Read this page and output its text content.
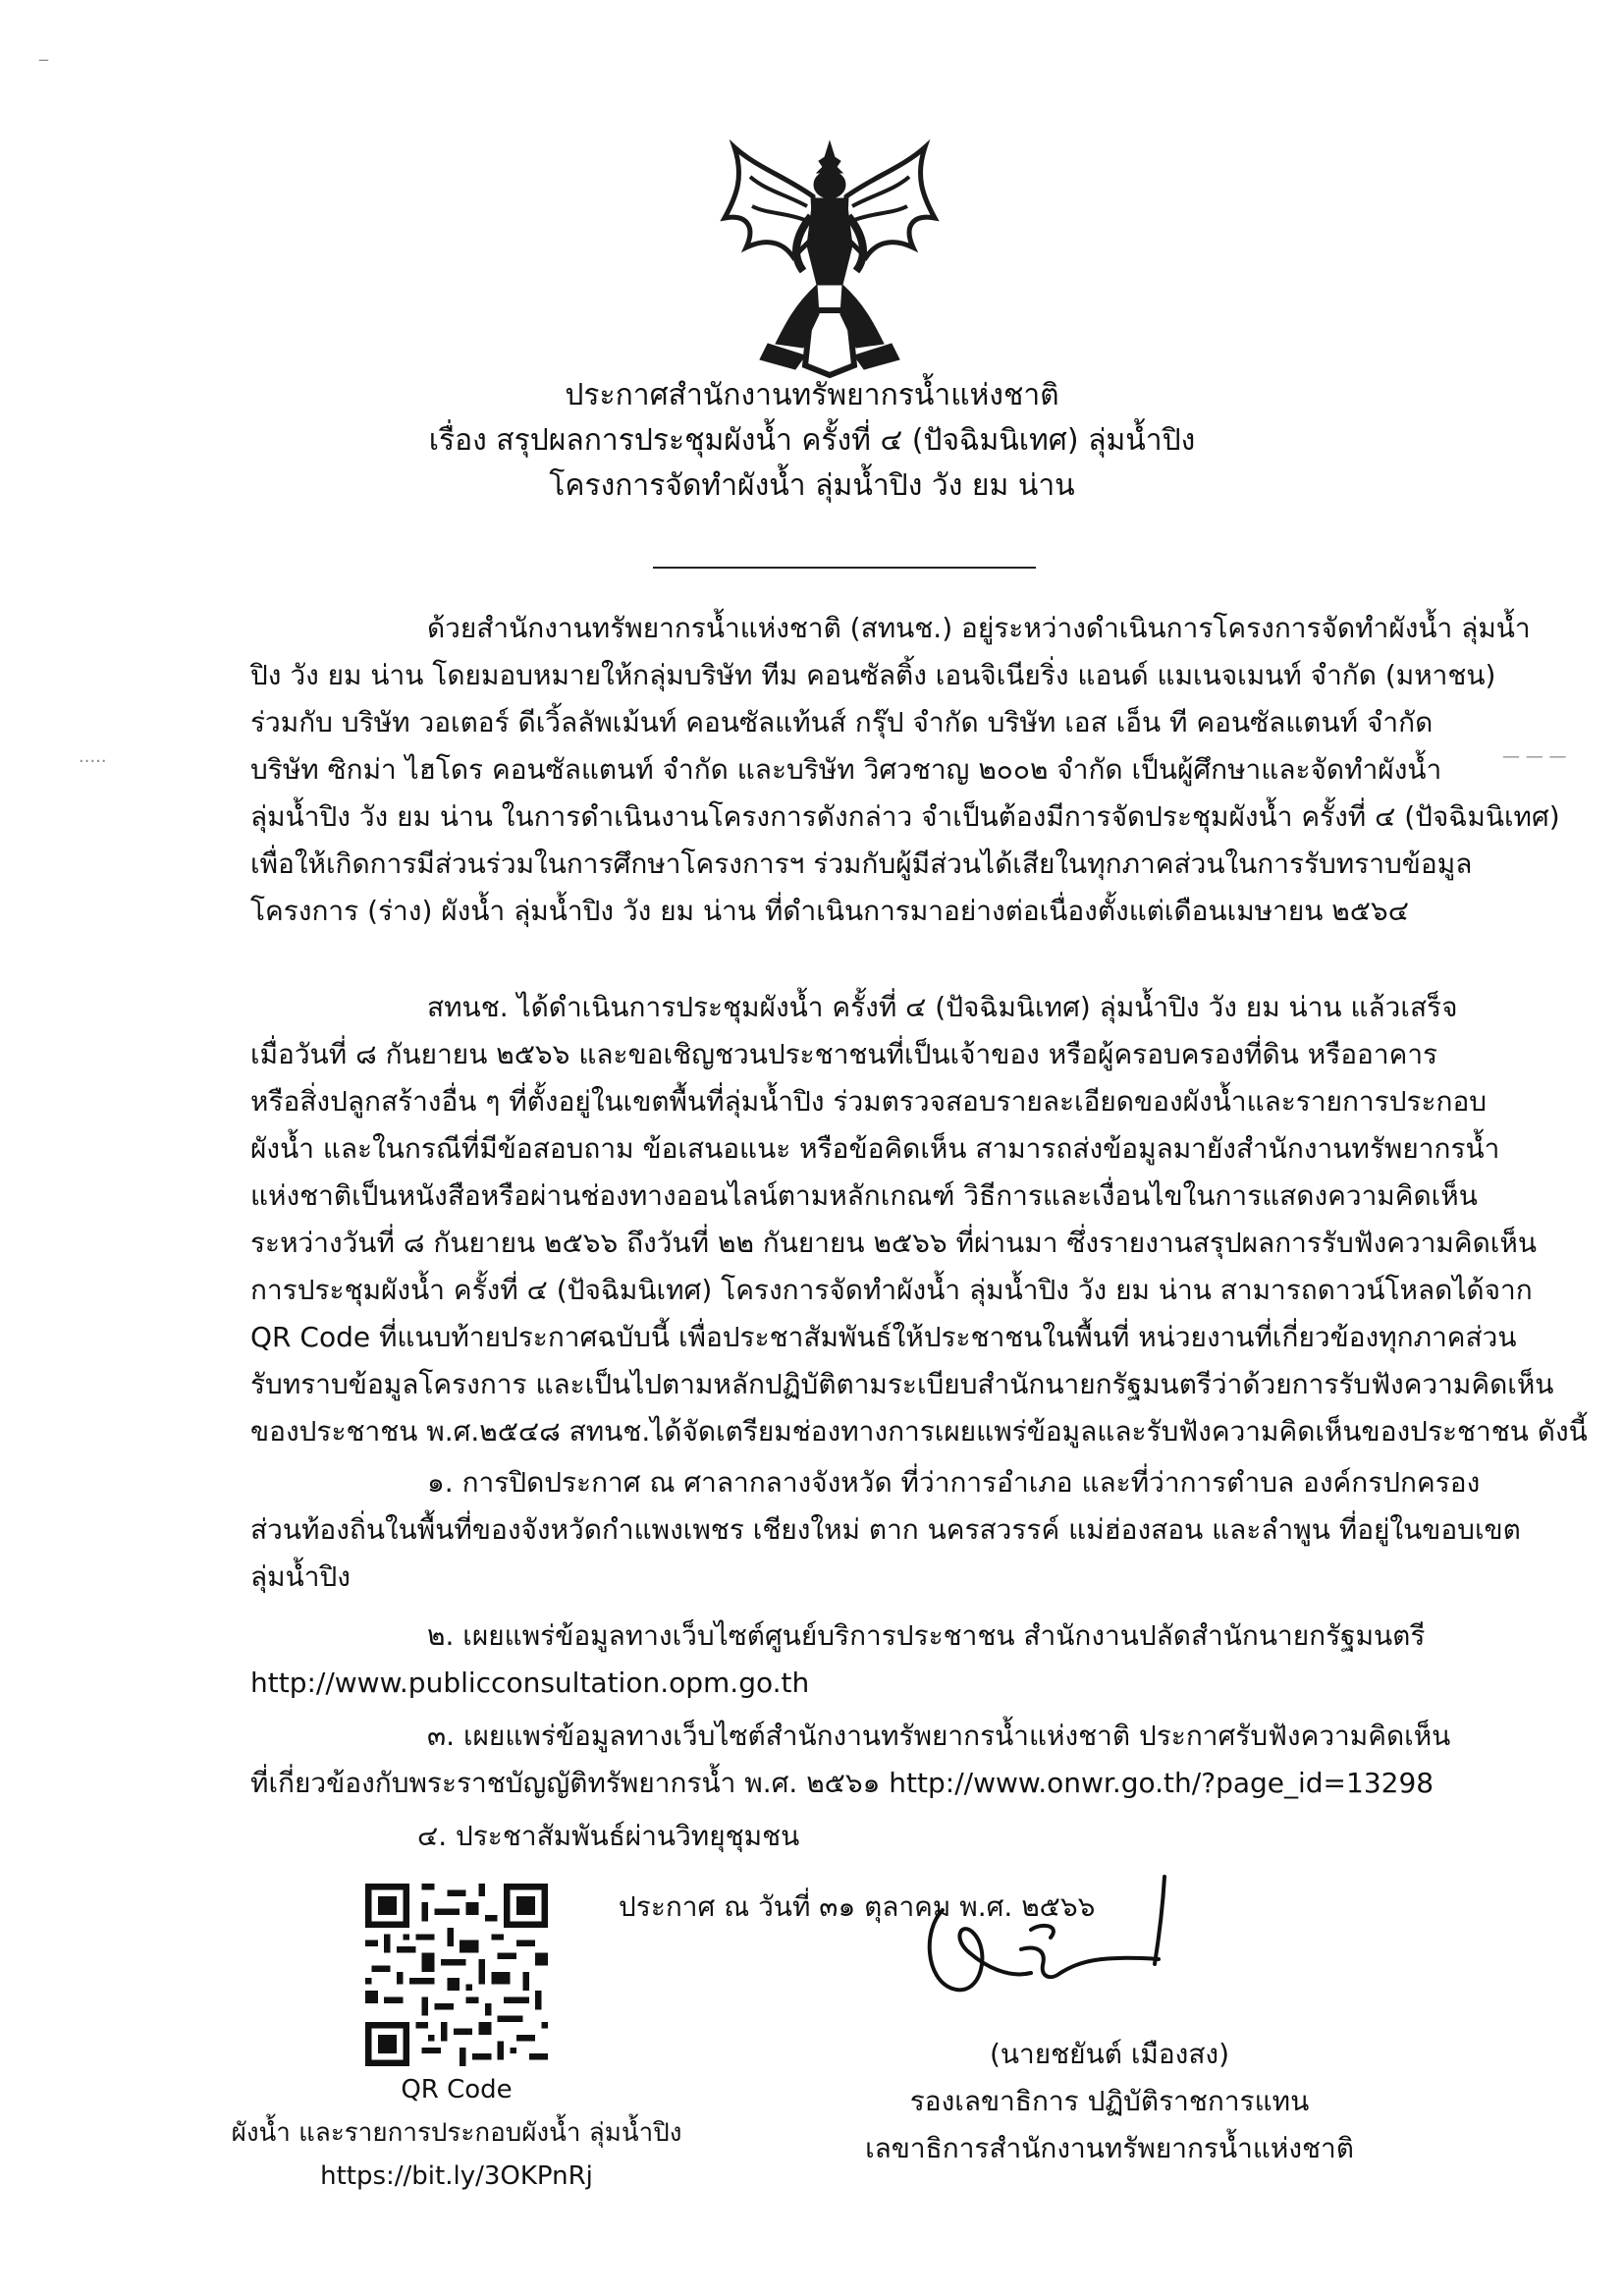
‾
.....	— — —
ประกาศสำนักงานทรัพยากรน้ำแห่งชาติ
เรื่อง สรุปผลการประชุมผังน้ำ ครั้งที่ ๔ (ปัจฉิมนิเทศ) ลุ่มน้ำปิง
โครงการจัดทำผังน้ำ ลุ่มน้ำปิง วัง ยม น่าน
ด้วยสำนักงานทรัพยากรน้ำแห่งชาติ (สทนช.) อยู่ระหว่างดำเนินการโครงการจัดทำผังน้ำ ลุ่มน้ำ
ปิง วัง ยม น่าน โดยมอบหมายให้กลุ่มบริษัท ทีม คอนซัลติ้ง เอนจิเนียริ่ง แอนด์ แมเนจเมนท์ จำกัด (มหาชน)
ร่วมกับ บริษัท วอเตอร์ ดีเวิ้ลลัพเม้นท์ คอนซัลแท้นส์ กรุ๊ป จำกัด บริษัท เอส เอ็น ที คอนซัลแตนท์ จำกัด
บริษัท ซิกม่า ไฮโดร คอนซัลแตนท์ จำกัด และบริษัท วิศวชาญ ๒๐๐๒ จำกัด เป็นผู้ศึกษาและจัดทำผังน้ำ
ลุ่มน้ำปิง วัง ยม น่าน ในการดำเนินงานโครงการดังกล่าว จำเป็นต้องมีการจัดประชุมผังน้ำ ครั้งที่ ๔ (ปัจฉิมนิเทศ)
เพื่อให้เกิดการมีส่วนร่วมในการศึกษาโครงการฯ ร่วมกับผู้มีส่วนได้เสียในทุกภาคส่วนในการรับทราบข้อมูล
โครงการ (ร่าง) ผังน้ำ ลุ่มน้ำปิง วัง ยม น่าน ที่ดำเนินการมาอย่างต่อเนื่องตั้งแต่เดือนเมษายน ๒๕๖๔
สทนช. ได้ดำเนินการประชุมผังน้ำ ครั้งที่ ๔ (ปัจฉิมนิเทศ) ลุ่มน้ำปิง วัง ยม น่าน แล้วเสร็จ
เมื่อวันที่ ๘ กันยายน ๒๕๖๖ และขอเชิญชวนประชาชนที่เป็นเจ้าของ หรือผู้ครอบครองที่ดิน หรืออาคาร
หรือสิ่งปลูกสร้างอื่น ๆ ที่ตั้งอยู่ในเขตพื้นที่ลุ่มน้ำปิง ร่วมตรวจสอบรายละเอียดของผังน้ำและรายการประกอบ
ผังน้ำ และในกรณีที่มีข้อสอบถาม ข้อเสนอแนะ หรือข้อคิดเห็น สามารถส่งข้อมูลมายังสำนักงานทรัพยากรน้ำ
แห่งชาติเป็นหนังสือหรือผ่านช่องทางออนไลน์ตามหลักเกณฑ์ วิธีการและเงื่อนไขในการแสดงความคิดเห็น
ระหว่างวันที่ ๘ กันยายน ๒๕๖๖ ถึงวันที่ ๒๒ กันยายน ๒๕๖๖ ที่ผ่านมา ซึ่งรายงานสรุปผลการรับฟังความคิดเห็น
การประชุมผังน้ำ ครั้งที่ ๔ (ปัจฉิมนิเทศ) โครงการจัดทำผังน้ำ ลุ่มน้ำปิง วัง ยม น่าน สามารถดาวน์โหลดได้จาก
QR Code ที่แนบท้ายประกาศฉบับนี้ เพื่อประชาสัมพันธ์ให้ประชาชนในพื้นที่ หน่วยงานที่เกี่ยวข้องทุกภาคส่วน
รับทราบข้อมูลโครงการ และเป็นไปตามหลักปฏิบัติตามระเบียบสำนักนายกรัฐมนตรีว่าด้วยการรับฟังความคิดเห็น
ของประชาชน พ.ศ.๒๕๔๘ สทนช.ได้จัดเตรียมช่องทางการเผยแพร่ข้อมูลและรับฟังความคิดเห็นของประชาชน ดังนี้
๑. การปิดประกาศ ณ ศาลากลางจังหวัด ที่ว่าการอำเภอ และที่ว่าการตำบล องค์กรปกครอง
ส่วนท้องถิ่นในพื้นที่ของจังหวัดกำแพงเพชร เชียงใหม่ ตาก นครสวรรค์ แม่ฮ่องสอน และลำพูน ที่อยู่ในขอบเขต
ลุ่มน้ำปิง
๒. เผยแพร่ข้อมูลทางเว็บไซต์ศูนย์บริการประชาชน สำนักงานปลัดสำนักนายกรัฐมนตรี
http://www.publicconsultation.opm.go.th
๓. เผยแพร่ข้อมูลทางเว็บไซต์สำนักงานทรัพยากรน้ำแห่งชาติ ประกาศรับฟังความคิดเห็น
ที่เกี่ยวข้องกับพระราชบัญญัติทรัพยากรน้ำ พ.ศ. ๒๕๖๑ http://www.onwr.go.th/?page_id=13298
๔. ประชาสัมพันธ์ผ่านวิทยุชุมชน
QR Code
ผังน้ำ และรายการประกอบผังน้ำ ลุ่มน้ำปิง
https://bit.ly/3OKPnRj
ประกาศ ณ วันที่ ๓๑ ตุลาคม พ.ศ. ๒๕๖๖
(นายชยันต์ เมืองสง)
รองเลขาธิการ ปฏิบัติราชการแทน
เลขาธิการสำนักงานทรัพยากรน้ำแห่งชาติ
